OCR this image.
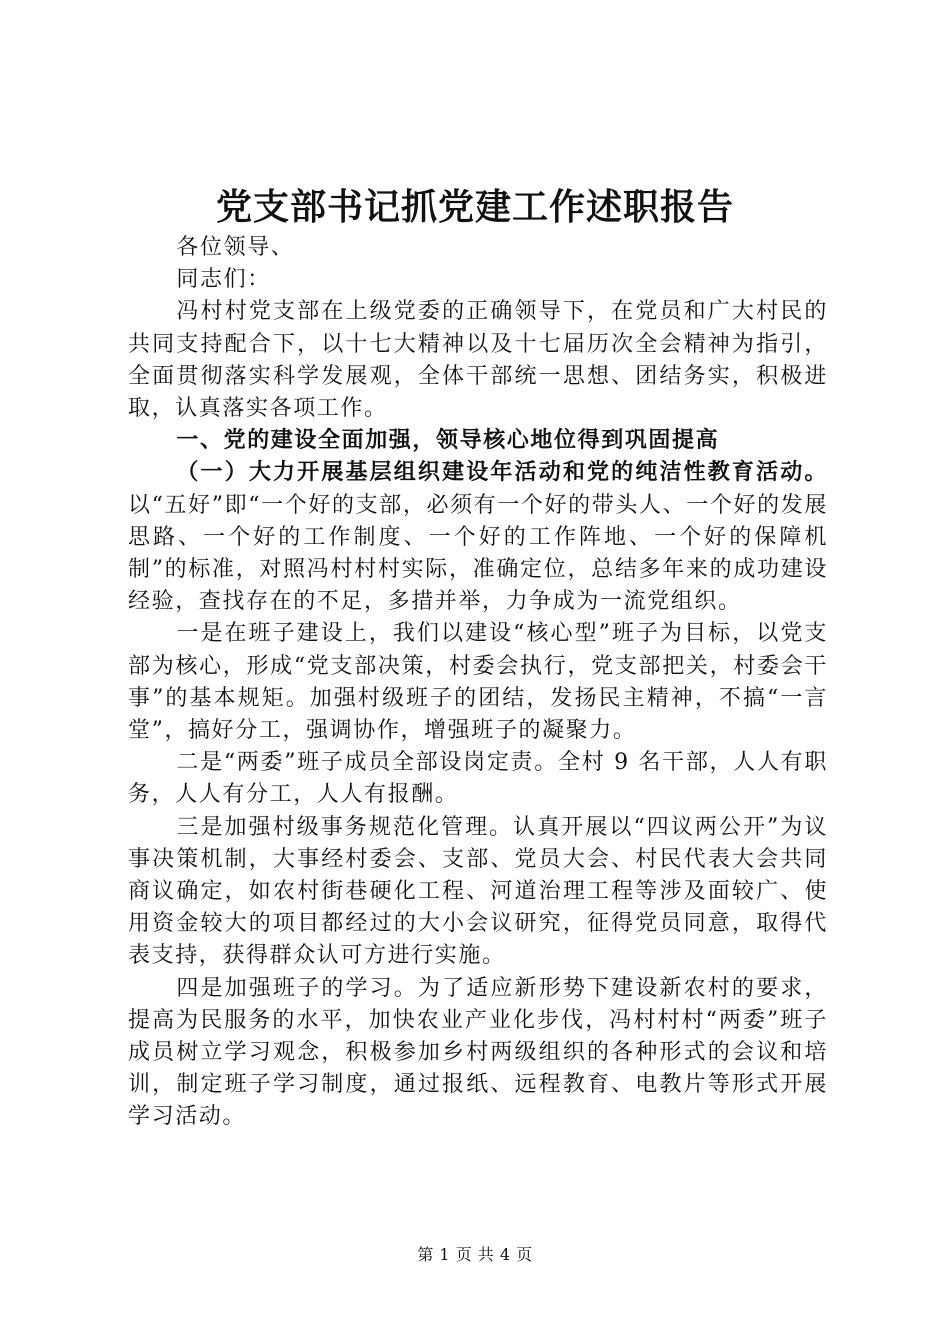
党支部书记抓党建工作述职报告

各位领导、

同志们：

冯村村党支部在上级党委的正确领导下，在党员和广大村民的共同支持配合下，以十七大精神以及十七届历次全会精神为指引，全面贯彻落实科学发展观，全体干部统一思想、团结务实，积极进取，认真落实各项工作。

一、党的建设全面加强，领导核心地位得到巩固提高

（一）大力开展基层组织建设年活动和党的纯洁性教育活动。以“五好”即“一个好的支部，必须有一个好的带头人、一个好的发展思路、一个好的工作制度、一个好的工作阵地、一个好的保障机制”的标准，对照冯村村村实际，准确定位，总结多年来的成功建设经验，查找存在的不足，多措并举，力争成为一流党组织。

一是在班子建设上，我们以建设“核心型”班子为目标，以党支部为核心，形成“党支部决策，村委会执行，党支部把关，村委会干事”的基本规矩。加强村级班子的团结，发扬民主精神，不搞“一言堂”，搞好分工，强调协作，增强班子的凝聚力。

二是“两委”班子成员全部设岗定责。全村 9 名干部，人人有职务，人人有分工，人人有报酬。

三是加强村级事务规范化管理。认真开展以“四议两公开”为议事决策机制，大事经村委会、支部、党员大会、村民代表大会共同商议确定，如农村街巷硬化工程、河道治理工程等涉及面较广、使用资金较大的项目都经过的大小会议研究，征得党员同意，取得代表支持，获得群众认可方进行实施。

四是加强班子的学习。为了适应新形势下建设新农村的要求，提高为民服务的水平，加快农业产业化步伐，冯村村村“两委”班子成员树立学习观念，积极参加乡村两级组织的各种形式的会议和培训，制定班子学习制度，通过报纸、远程教育、电教片等形式开展学习活动。

第 1 页 共 4 页
